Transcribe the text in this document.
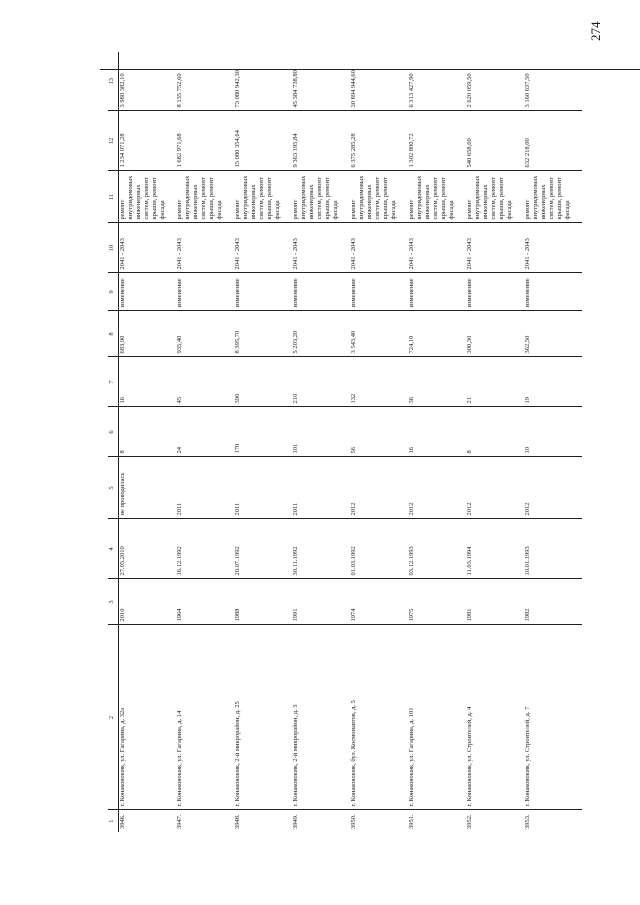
274
1	2	3	4	5	6	7	8	9	10	11	12	13
3946.	г. Конаковокмк, ул. Гагарина, д. 32а	2010	27.05.2010	не проводилась	8	16	683,90	изменение	2041 - 2043	ремонт внутридомовых инженерных систем, ремонт крыши, ремонт фасада	1 234 071,28	3 980 382,10
3947.	г. Конаковокмк, ул. Гагарина, д. 14	1964	16.12.1992	2011	24	45	935,40	изменение	2041 - 2043	ремонт внутридомовых инженерных систем, ремонт крыши, ремонт фасада	1 682 971,68	8 135 752,60
3948.	г. Конаковокмк, 2-й микрорайон, д. 25	1988	20.07.1992	2011	170	390	8 395,70	изменение	2041 - 2043	ремонт внутридомовых инженерных систем, ремонт крыши, ремонт фасада	15 080 354,64	73 080 942,30
3949.	г. Конаковокмк, 2-й микрорайон, д. 3	1991	30.11.1992	2011	101	210	5 203,20	изменение	2041 - 2043	ремонт внутридомовых инженерных систем, ремонт крыши, ремонт фасада	9 363 195,84	45 384 738,80
3950.	г. Конаковокмк, бул. Космонавтов, д. 5	1974	01.03.1992	2012	56	132	3 543,40	изменение	2041 - 2043	ремонт внутридомовых инженерных систем, ремонт крыши, ремонт фасада	6 375 285,28	30 894 944,60
3951.	г. Конаковокмк, ул. Гагарина, д. 101	1975	03.12.1993	2012	16	36	724,10	изменение	2041 - 2043	ремонт внутридомовых инженерных систем, ремонт крыши, ремонт фасада	1 302 800,72	6 313 427,90
3952.	г. Конаковокмк, ул. Строителей, д. 4	1981	11.03.1994	2012	8	21	300,30	изменение	2041 - 2043	ремонт внутридомовых инженерных систем, ремонт крыши, ремонт фасада	540 658,60	2 620 059,50
3953.	г. Конаковокмк, ул. Строителей, д. 7	1982	10.01.1993	2012	10	19	362,50	изменение	2041 - 2043	ремонт внутридомовых инженерных систем, ремонт крыши, ремонт фасада	632 218,00	3 160 637,50
